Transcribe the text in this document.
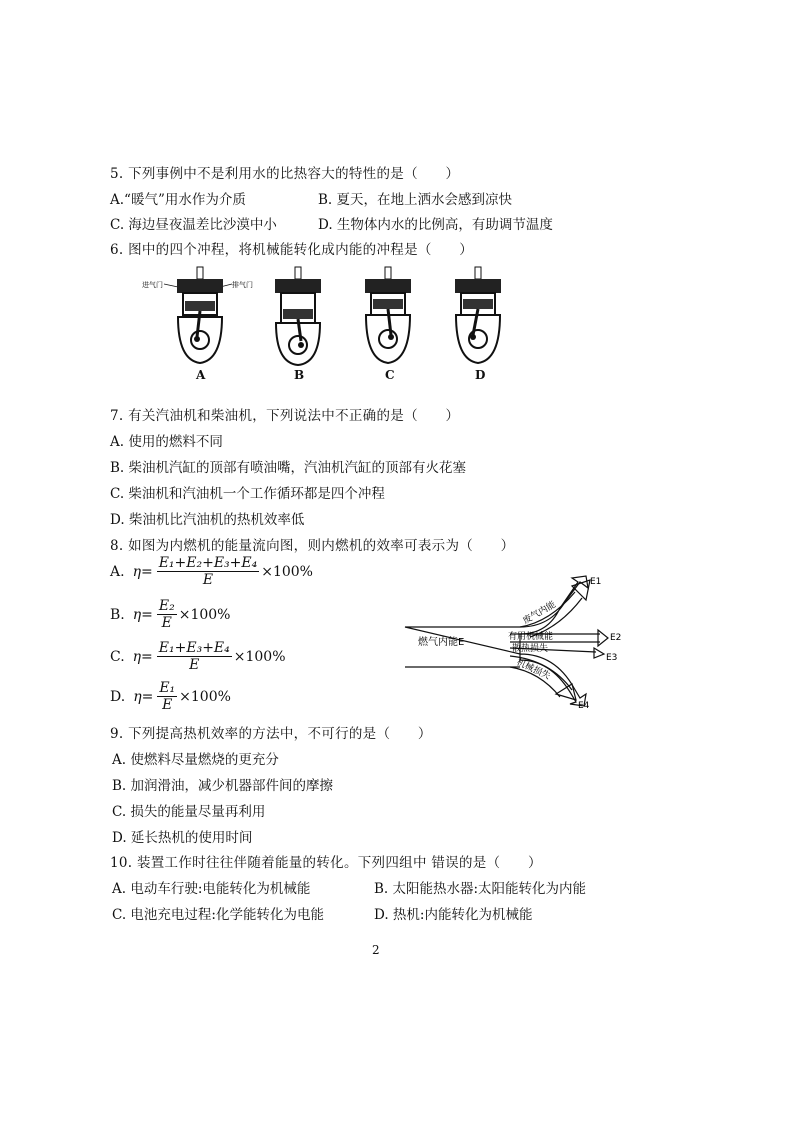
5. 下列事例中不是利用水的比热容大的特性的是（　　）
A.“暖气”用水作为介质	B. 夏天，在地上洒水会感到凉快
C. 海边昼夜温差比沙漠中小	D. 生物体内水的比例高，有助调节温度
6. 图中的四个冲程，将机械能转化成内能的冲程是（　　）
进气门	排气门
A	B	C	D
7. 有关汽油机和柴油机，下列说法中不正确的是（　　）
A. 使用的燃料不同
B. 柴油机汽缸的顶部有喷油嘴，汽油机汽缸的顶部有火花塞
C. 柴油机和汽油机一个工作循环都是四个冲程
D. 柴油机比汽油机的热机效率低
8. 如图为内燃机的能量流向图，则内燃机的效率可表示为（　　）
A. $\eta= \frac{\text{E₁+E₂+E₃+E₄}}{E} \times 100\%$
B. $\eta= \frac{\text{E₂}}{E} \times 100\%$
C. $\eta= \frac{\text{E₁+E₃+E₄}}{E} \times 100\%$
D. $\eta= \frac{\text{E₁}}{E} \times 100\%$
燃气内能E
废气内能
有用机械能
散热损失
机械损失
E1
E2
E3
E4
9. 下列提高热机效率的方法中，不可行的是（　　）
A. 使燃料尽量燃烧的更充分
B. 加润滑油，减少机器部件间的摩擦
C. 损失的能量尽量再利用
D. 延长热机的使用时间
10. 装置工作时往往伴随着能量的转化。下列四组中 错误的是（　　）
A. 电动车行驶:电能转化为机械能	B. 太阳能热水器:太阳能转化为内能
C. 电池充电过程:化学能转化为电能	D. 热机:内能转化为机械能
2
